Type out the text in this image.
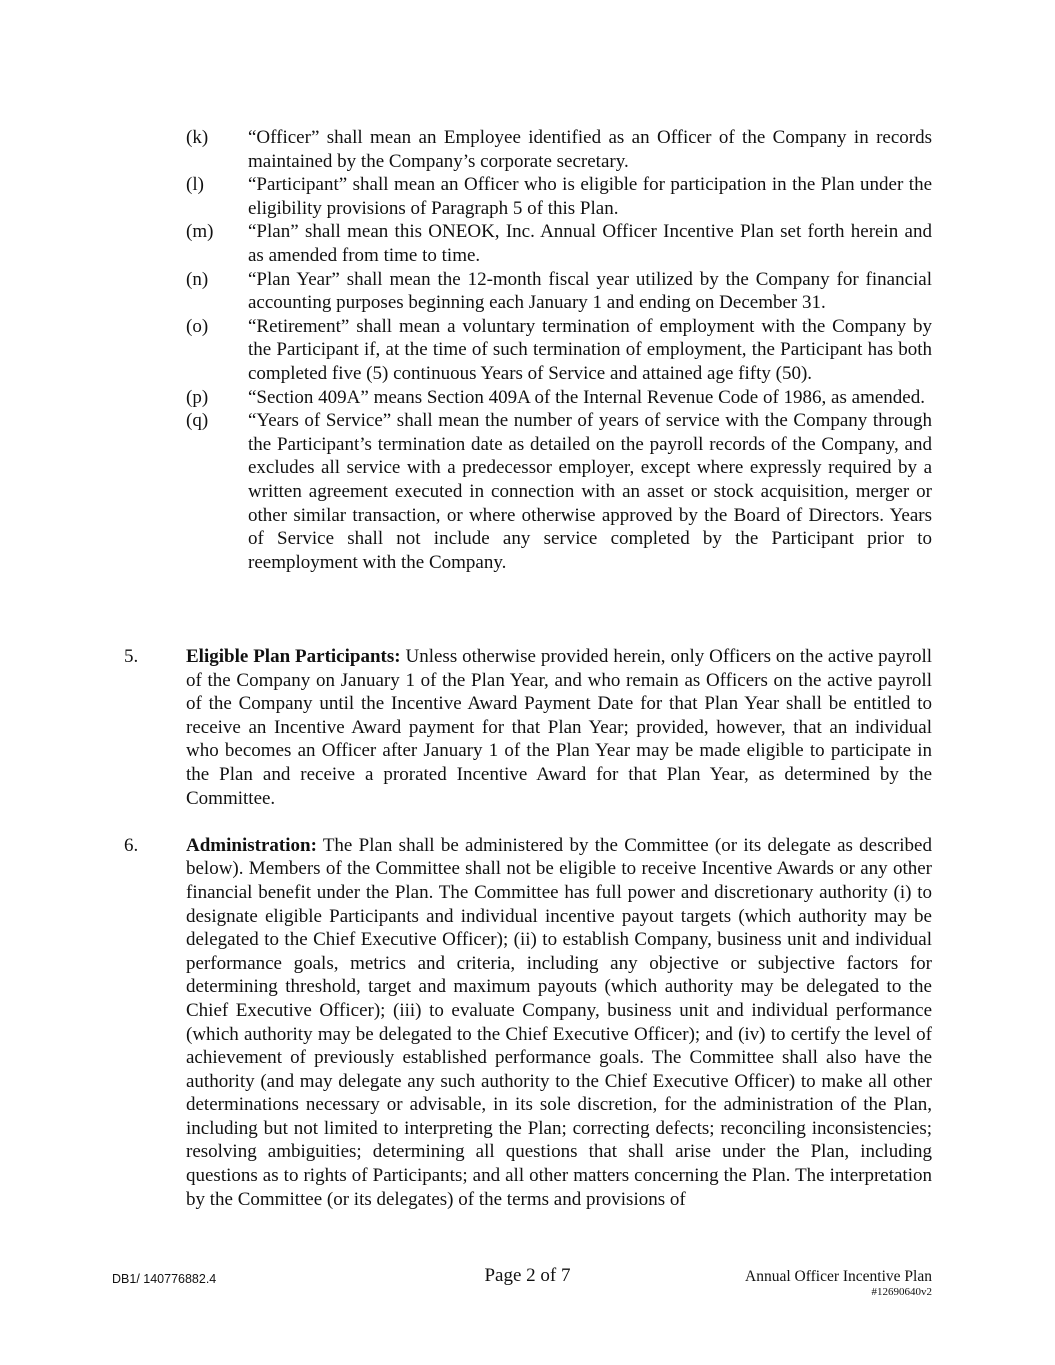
(k) “Officer” shall mean an Employee identified as an Officer of the Company in records maintained by the Company’s corporate secretary.
(l) “Participant” shall mean an Officer who is eligible for participation in the Plan under the eligibility provisions of Paragraph 5 of this Plan.
(m) “Plan” shall mean this ONEOK, Inc. Annual Officer Incentive Plan set forth herein and as amended from time to time.
(n) “Plan Year” shall mean the 12-month fiscal year utilized by the Company for financial accounting purposes beginning each January 1 and ending on December 31.
(o) “Retirement” shall mean a voluntary termination of employment with the Company by the Participant if, at the time of such termination of employment, the Participant has both completed five (5) continuous Years of Service and attained age fifty (50).
(p) “Section 409A” means Section 409A of the Internal Revenue Code of 1986, as amended.
(q) “Years of Service” shall mean the number of years of service with the Company through the Participant’s termination date as detailed on the payroll records of the Company, and excludes all service with a predecessor employer, except where expressly required by a written agreement executed in connection with an asset or stock acquisition, merger or other similar transaction, or where otherwise approved by the Board of Directors. Years of Service shall not include any service completed by the Participant prior to reemployment with the Company.
5.	Eligible Plan Participants: Unless otherwise provided herein, only Officers on the active payroll of the Company on January 1 of the Plan Year, and who remain as Officers on the active payroll of the Company until the Incentive Award Payment Date for that Plan Year shall be entitled to receive an Incentive Award payment for that Plan Year; provided, however, that an individual who becomes an Officer after January 1 of the Plan Year may be made eligible to participate in the Plan and receive a prorated Incentive Award for that Plan Year, as determined by the Committee.
6.	Administration: The Plan shall be administered by the Committee (or its delegate as described below). Members of the Committee shall not be eligible to receive Incentive Awards or any other financial benefit under the Plan. The Committee has full power and discretionary authority (i) to designate eligible Participants and individual incentive payout targets (which authority may be delegated to the Chief Executive Officer); (ii) to establish Company, business unit and individual performance goals, metrics and criteria, including any objective or subjective factors for determining threshold, target and maximum payouts (which authority may be delegated to the Chief Executive Officer); (iii) to evaluate Company, business unit and individual performance (which authority may be delegated to the Chief Executive Officer); and (iv) to certify the level of achievement of previously established performance goals. The Committee shall also have the authority (and may delegate any such authority to the Chief Executive Officer) to make all other determinations necessary or advisable, in its sole discretion, for the administration of the Plan, including but not limited to interpreting the Plan; correcting defects; reconciling inconsistencies; resolving ambiguities; determining all questions that shall arise under the Plan, including questions as to rights of Participants; and all other matters concerning the Plan. The interpretation by the Committee (or its delegates) of the terms and provisions of
DB1/ 140776882.4	Page 2 of 7	Annual Officer Incentive Plan
#12690640v2
